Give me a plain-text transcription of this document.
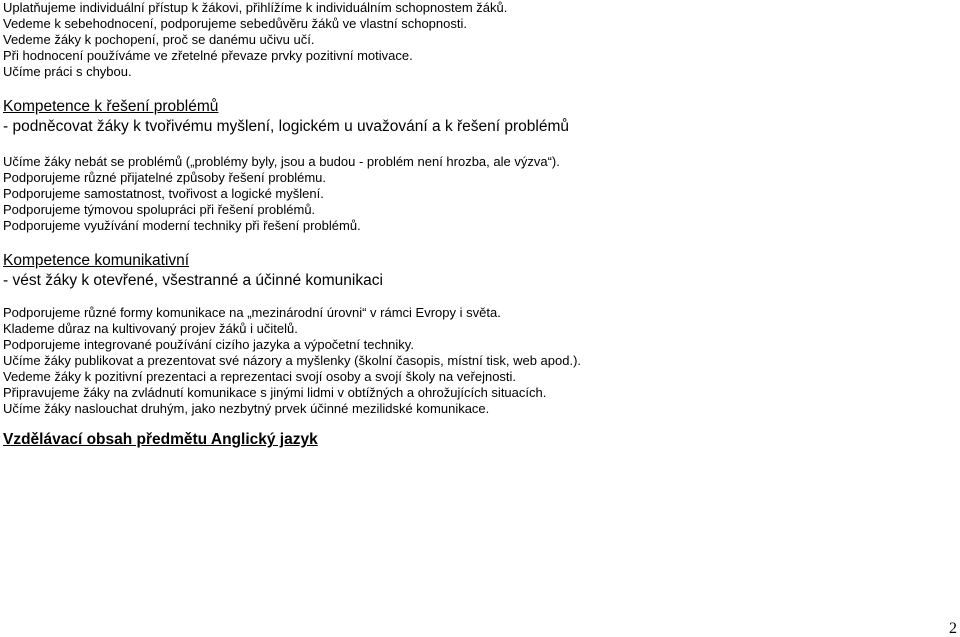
Uplatňujeme individuální přístup k žákovi, přihlížíme k individuálním schopnostem žáků.
Vedeme k sebehodnocení, podporujeme sebedůvěru žáků ve vlastní schopnosti.
Vedeme žáky k pochopení, proč se danému učivu učí.
Při hodnocení používáme ve zřetelné převaze prvky pozitivní motivace.
Učíme práci s chybou.
Kompetence k řešení problémů
- podněcovat žáky k tvořivému myšlení, logickém u uvažování a k řešení problémů
Učíme žáky nebát se problémů („problémy byly, jsou a budou - problém není hrozba, ale výzva“).
Podporujeme různé přijatelné způsoby řešení problému.
Podporujeme samostatnost, tvořivost a logické myšlení.
Podporujeme týmovou spolupráci při řešení problémů.
Podporujeme využívání moderní techniky při řešení problémů.
Kompetence komunikativní
- vést žáky k otevřené, všestranné a účinné komunikaci
Podporujeme různé formy komunikace na „mezinárodní úrovni“ v rámci Evropy i světa.
Klademe důraz na kultivovaný projev žáků i učitelů.
Podporujeme integrované používání cizího jazyka a výpočetní techniky.
Učíme žáky publikovat a prezentovat své názory a myšlenky (školní časopis, místní tisk, web apod.).
Vedeme žáky k pozitivní prezentaci a reprezentaci svojí osoby a svojí školy na veřejnosti.
Připravujeme žáky na zvládnutí komunikace s jinými lidmi v obtížných a ohrožujících situacích.
Učíme žáky naslouchat druhým, jako nezbytný prvek účinné mezilidské komunikace.
Vzdělávací obsah předmětu Anglický jazyk
2
